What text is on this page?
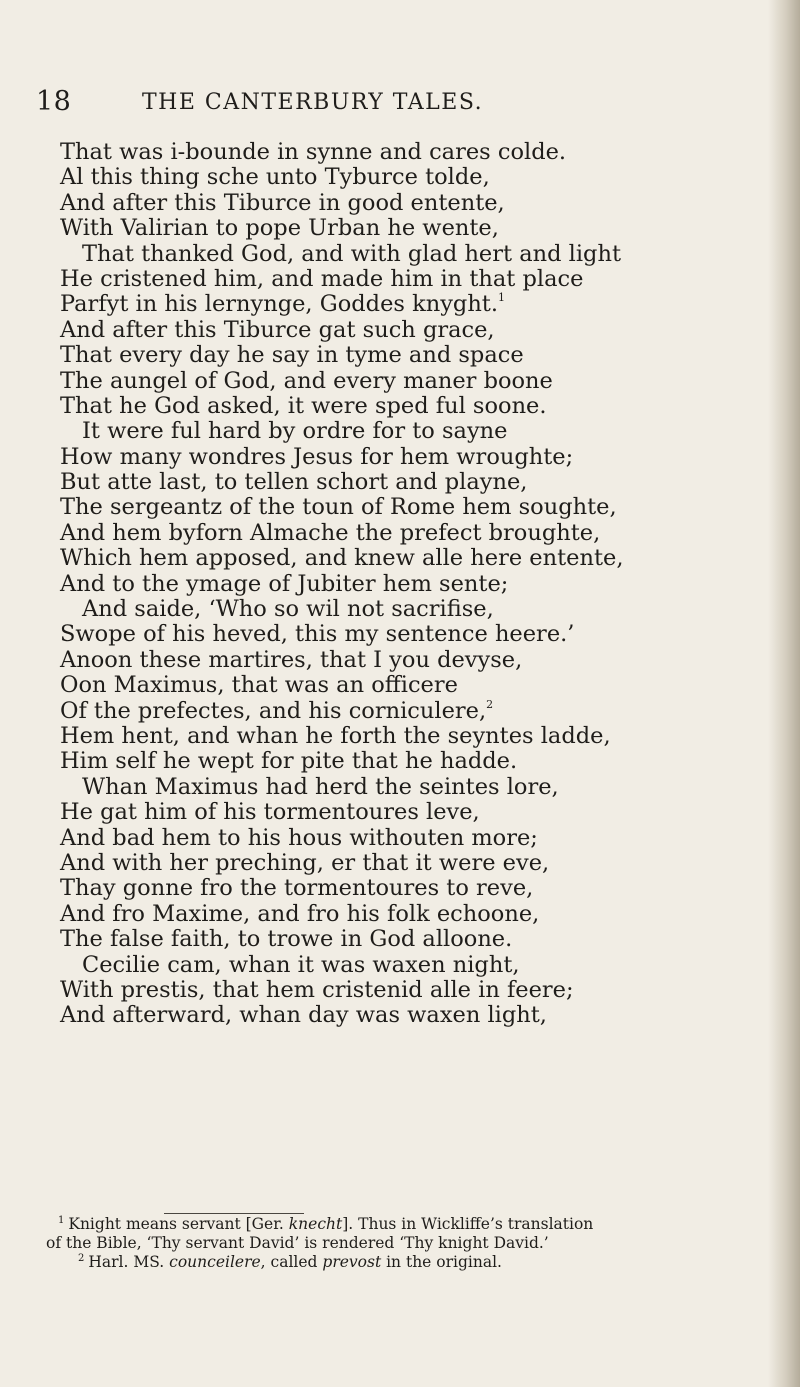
18	THE CANTERBURY TALES.
That was i-bounde in synne and cares colde.
Al this thing sche unto Tyburce tolde,
And after this Tiburce in good entente,
With Valirian to pope Urban he wente,
That thanked God, and with glad hert and light
He cristened him, and made him in that place
Parfyt in his lernynge, Goddes knyght.$^1$
And after this Tiburce gat such grace,
That every day he say in tyme and space
The aungel of God, and every maner boone
That he God asked, it were sped ful soone.
It were ful hard by ordre for to sayne
How many wondres Jesus for hem wroughte;
But atte last, to tellen schort and playne,
The sergeantz of the toun of Rome hem soughte,
And hem byforn Almache the prefect broughte,
Which hem apposed, and knew alle here entente,
And to the ymage of Jubiter hem sente;
And saide, ‘Who so wil not sacrifise,
Swope of his heved, this my sentence heere.’
Anoon these martires, that I you devyse,
Oon Maximus, that was an officere
Of the prefectes, and his corniculere,$^2$
Hem hent, and whan he forth the seyntes ladde,
Him self he wept for pite that he hadde.
Whan Maximus had herd the seintes lore,
He gat him of his tormentoures leve,
And bad hem to his hous withouten more;
And with her preching, er that it were eve,
Thay gonne fro the tormentoures to reve,
And fro Maxime, and fro his folk echoone,
The false faith, to trowe in God alloone.
Cecilie cam, whan it was waxen night,
With prestis, that hem cristenid alle in feere;
And afterward, whan day was waxen light,
$^1$ Knight means servant [Ger. knecht]. Thus in Wickliffe’s translation
of the Bible, ‘Thy servant David’ is rendered ‘Thy knight David.’
$^2$ Harl. MS. counceilere, called prevost in the original.
